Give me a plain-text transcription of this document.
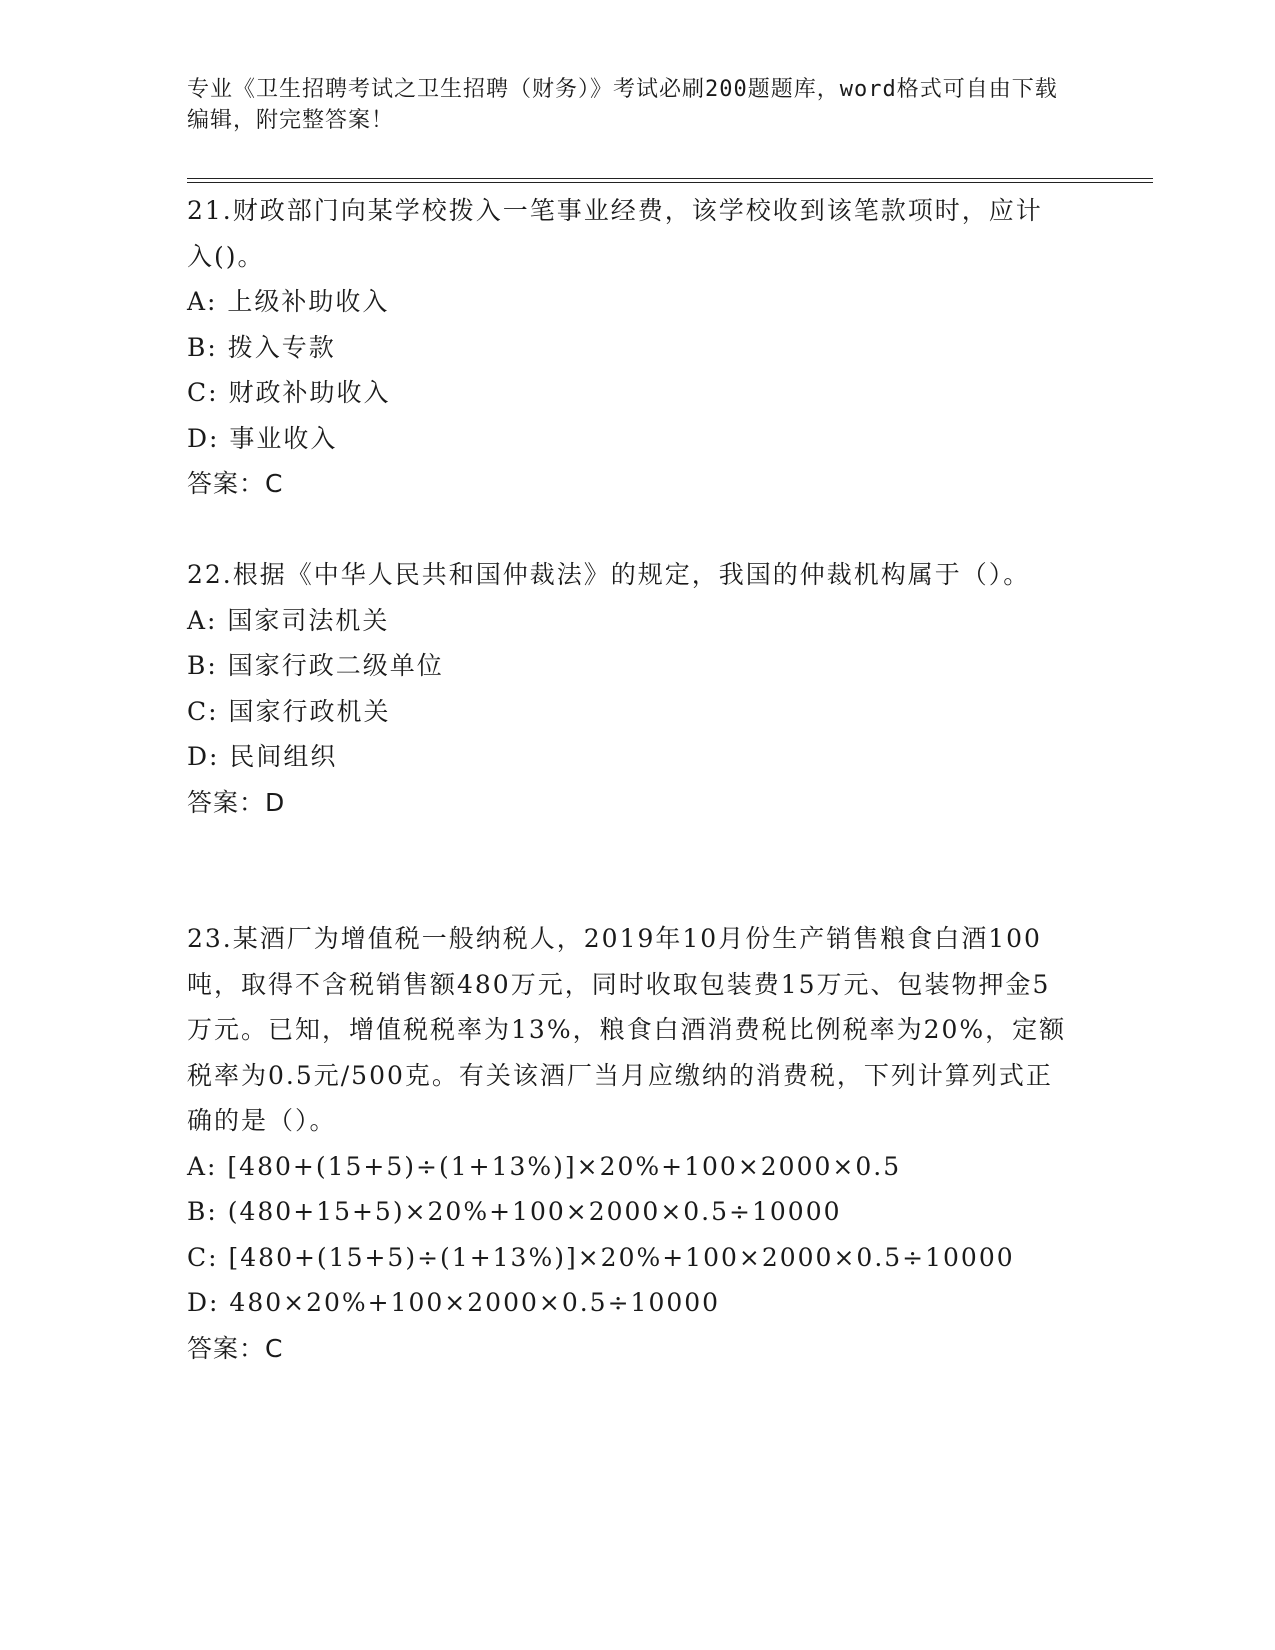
专业《卫生招聘考试之卫生招聘（财务）》考试必刷200题题库，word格式可自由下载编辑，附完整答案！

21.财政部门向某学校拨入一笔事业经费，该学校收到该笔款项时，应计入()。

A: 上级补助收入

B: 拨入专款

C: 财政补助收入

D: 事业收入

答案：C

22.根据《中华人民共和国仲裁法》的规定，我国的仲裁机构属于（）。

A: 国家司法机关

B: 国家行政二级单位

C: 国家行政机关

D: 民间组织

答案：D

23.某酒厂为增值税一般纳税人，2019年10月份生产销售粮食白酒100吨，取得不含税销售额480万元，同时收取包装费15万元、包装物押金5万元。已知，增值税税率为13%，粮食白酒消费税比例税率为20%，定额税率为0.5元/500克。有关该酒厂当月应缴纳的消费税，下列计算列式正确的是（）。

A: [480+(15+5)÷(1+13%)]×20%+100×2000×0.5

B: (480+15+5)×20%+100×2000×0.5÷10000

C: [480+(15+5)÷(1+13%)]×20%+100×2000×0.5÷10000

D: 480×20%+100×2000×0.5÷10000

答案：C
